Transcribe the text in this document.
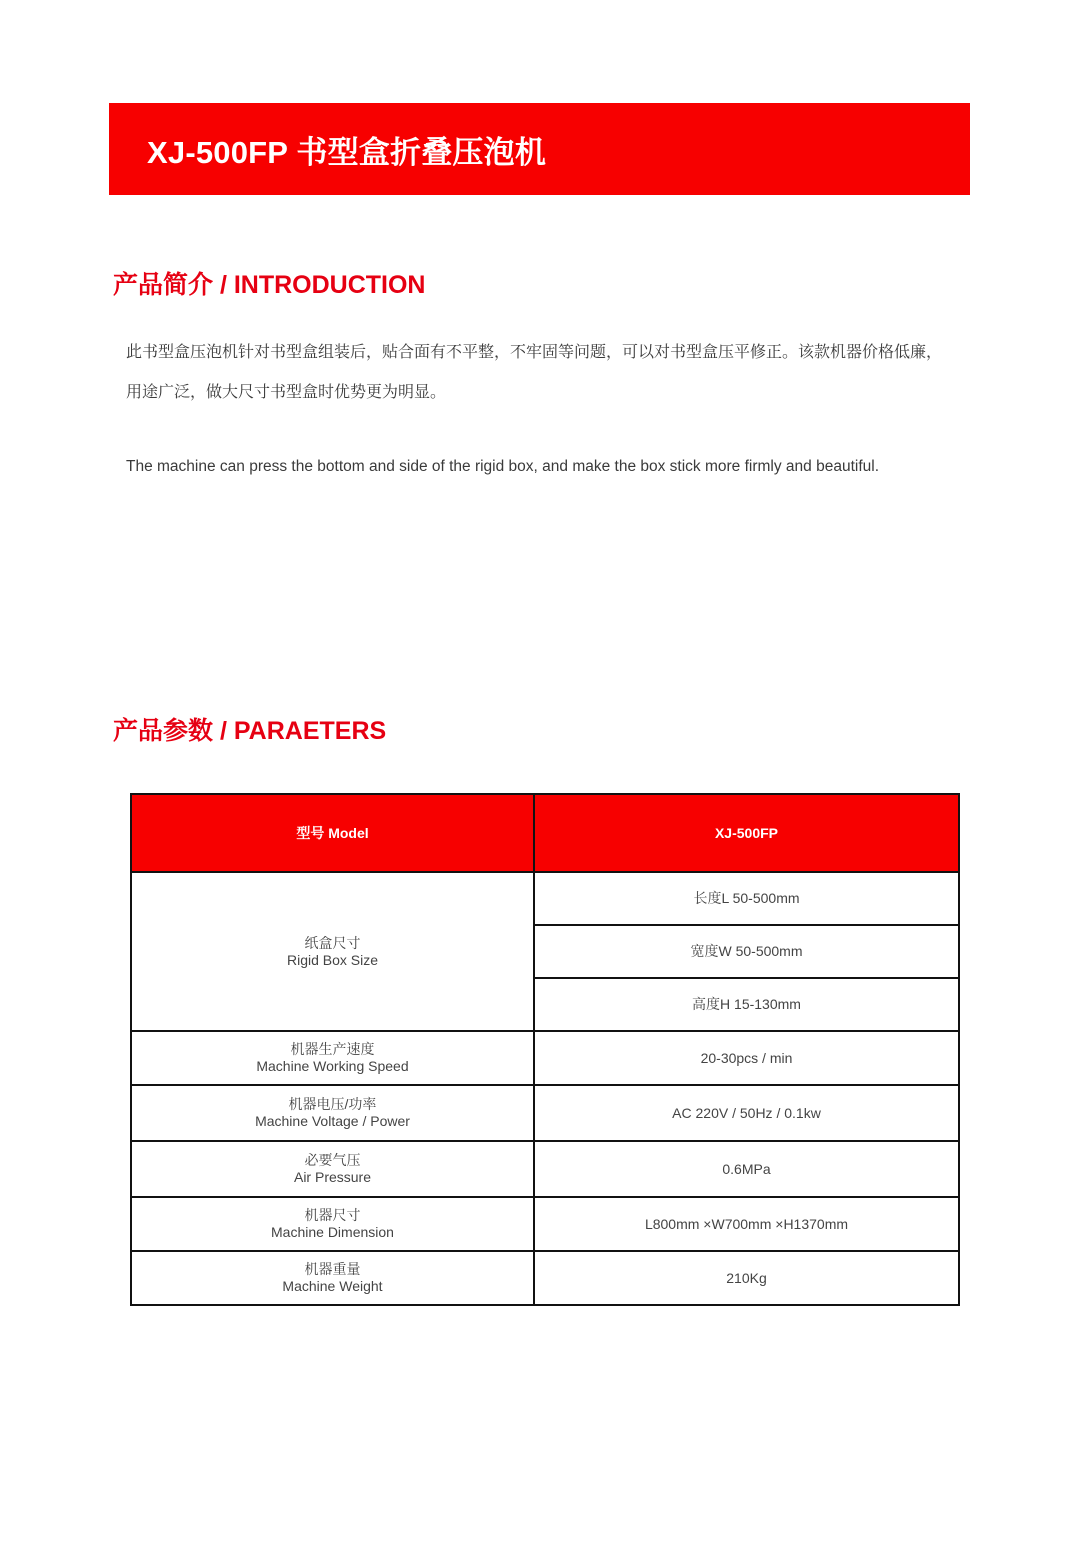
XJ-500FP 书型盒折叠压泡机
产品简介 / INTRODUCTION

此书型盒压泡机针对书型盒组装后，贴合面有不平整，不牢固等问题，可以对书型盒压平修正。该款机器价格低廉，
用途广泛，做大尺寸书型盒时优势更为明显。

The machine can press the bottom and side of the rigid box, and make the box stick more firmly and beautiful.

产品参数 / PARAETERS
型号 Model	XJ-500FP

纸盒尺寸
Rigid Box Size	长度L 50-500mm
	宽度W 50-500mm
	高度H 15-130mm

机器生产速度
Machine Working Speed	20-30pcs / min

机器电压/功率
Machine Voltage / Power	AC 220V / 50Hz / 0.1kw

必要气压
Air Pressure	0.6MPa

机器尺寸
Machine Dimension	L800mm ×W700mm ×H1370mm

机器重量
Machine Weight	210Kg
